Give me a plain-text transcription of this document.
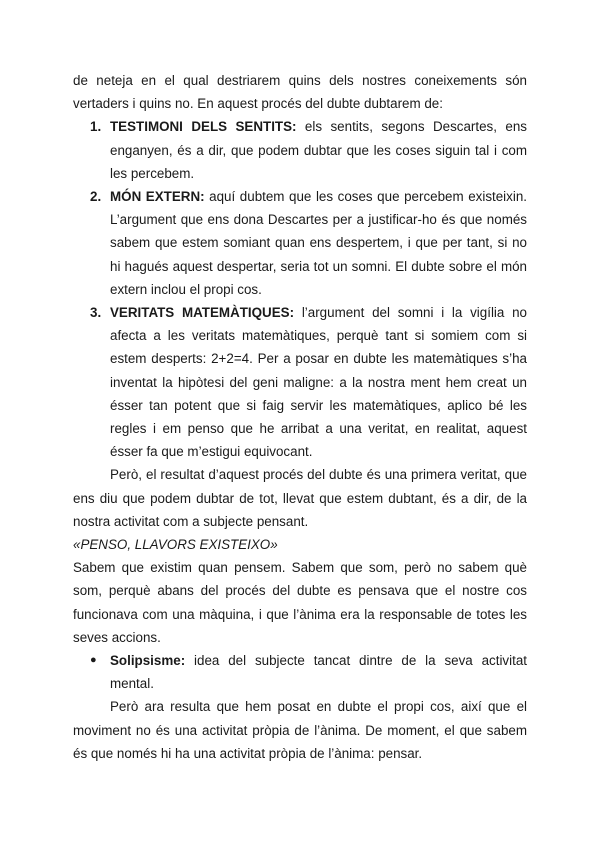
de neteja en el qual destriarem quins dels nostres coneixements són vertaders i quins no. En aquest procés del dubte dubtarem de:

1. TESTIMONI DELS SENTITS: els sentits, segons Descartes, ens enganyen, és a dir, que podem dubtar que les coses siguin tal i com les percebem.
2. MÓN EXTERN: aquí dubtem que les coses que percebem existeixin. L’argument que ens dona Descartes per a justificar-ho és que només sabem que estem somiant quan ens despertem, i que per tant, si no hi hagués aquest despertar, seria tot un somni. El dubte sobre el món extern inclou el propi cos.
3. VERITATS MATEMÀTIQUES: l’argument del somni i la vigília no afecta a les veritats matemàtiques, perquè tant si somiem com si estem desperts: 2+2=4. Per a posar en dubte les matemàtiques s’ha inventat la hipòtesi del geni maligne: a la nostra ment hem creat un ésser tan potent que si faig servir les matemàtiques, aplico bé les regles i em penso que he arribat a una veritat, en realitat, aquest ésser fa que m’estigui equivocant.

Però, el resultat d’aquest procés del dubte és una primera veritat, que ens diu que podem dubtar de tot, llevat que estem dubtant, és a dir, de la nostra activitat com a subjecte pensant.

«PENSO, LLAVORS EXISTEIXO»

Sabem que existim quan pensem. Sabem que som, però no sabem què som, perquè abans del procés del dubte es pensava que el nostre cos funcionava com una màquina, i que l’ànima era la responsable de totes les seves accions.

● Solipsisme: idea del subjecte tancat dintre de la seva activitat mental.

Però ara resulta que hem posat en dubte el propi cos, així que el moviment no és una activitat pròpia de l’ànima. De moment, el que sabem és que només hi ha una activitat pròpia de l’ànima: pensar.
